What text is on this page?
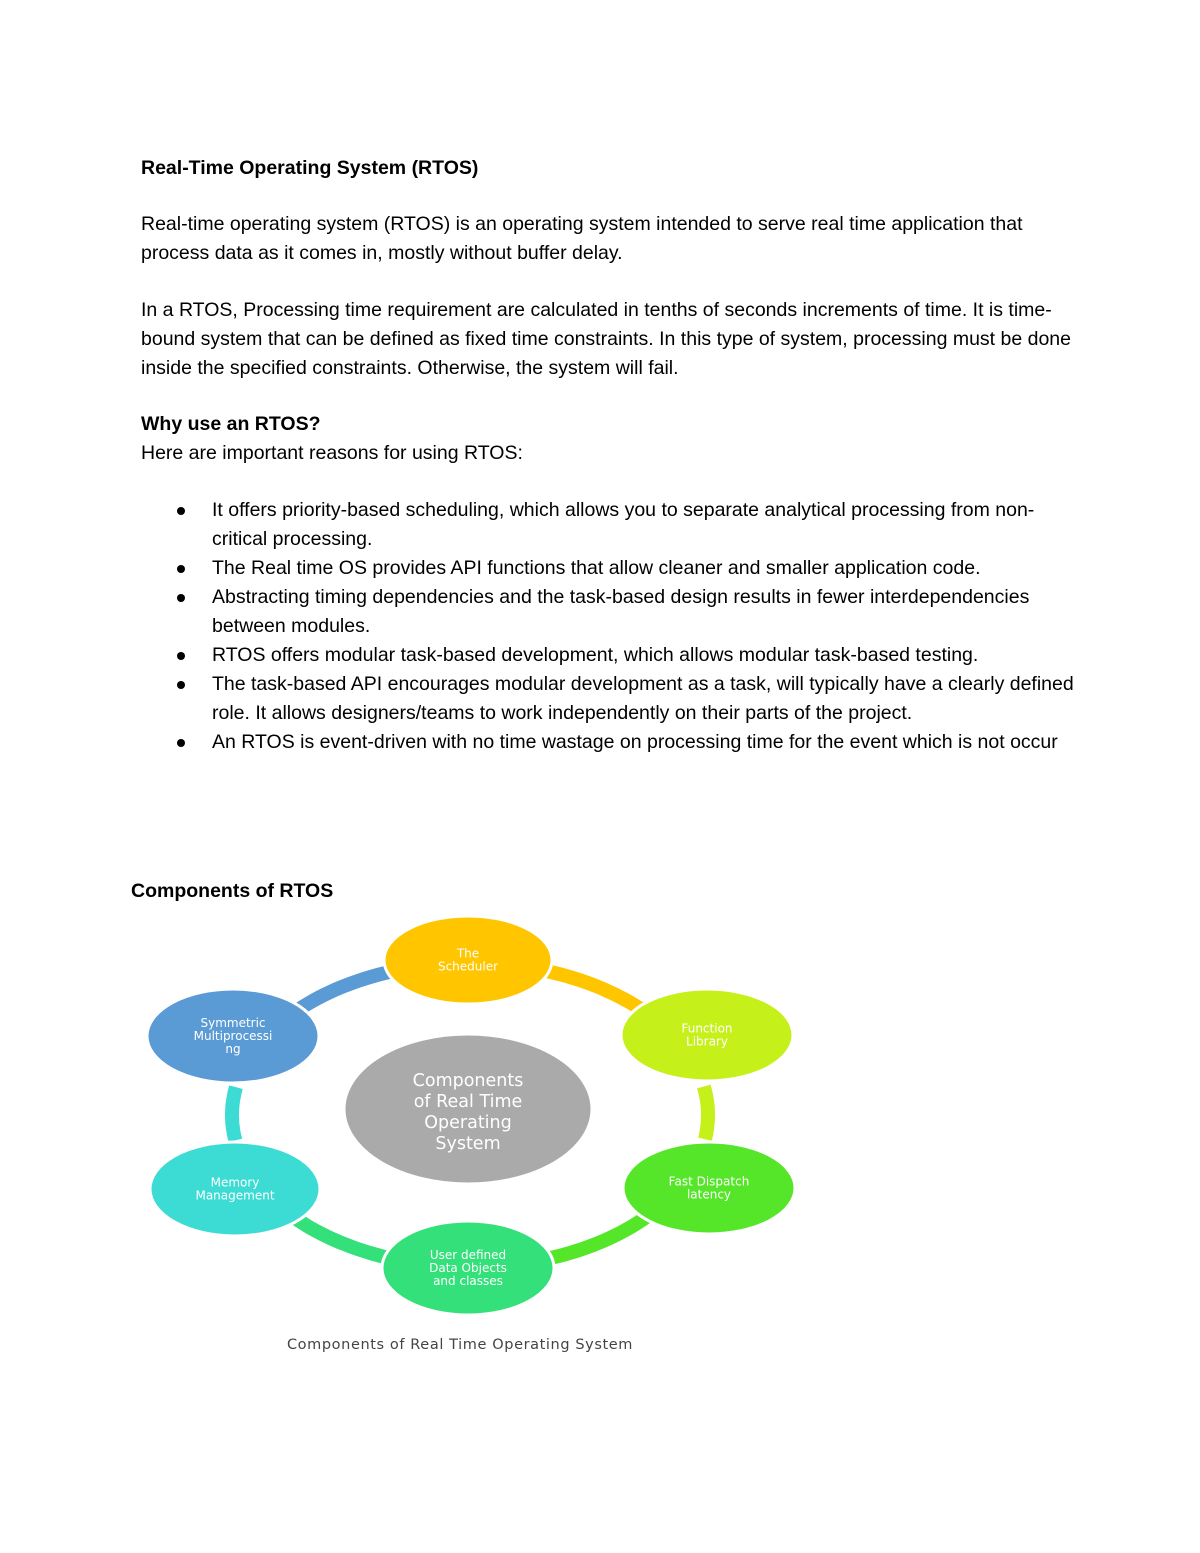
Real-Time Operating System (RTOS)
Real-time operating system (RTOS) is an operating system intended to serve real time application that process data as it comes in, mostly without buffer delay.
In a RTOS, Processing time requirement are calculated in tenths of seconds increments of time. It is time-bound system that can be defined as fixed time constraints. In this type of system, processing must be done inside the specified constraints. Otherwise, the system will fail.
Why use an RTOS?
Here are important reasons for using RTOS:
It offers priority-based scheduling, which allows you to separate analytical processing from non-critical processing.
The Real time OS provides API functions that allow cleaner and smaller application code.
Abstracting timing dependencies and the task-based design results in fewer interdependencies between modules.
RTOS offers modular task-based development, which allows modular task-based testing.
The task-based API encourages modular development as a task, will typically have a clearly defined role. It allows designers/teams to work independently on their parts of the project.
An RTOS is event-driven with no time wastage on processing time for the event which is not occur
Components of RTOS
Components
of Real Time
Operating
System
The
Scheduler
Function
Library
Fast Dispatch
latency
User defined
Data Objects
and classes
Memory
Management
Symmetric
Multiprocessi
ng
Components of Real Time Operating System
